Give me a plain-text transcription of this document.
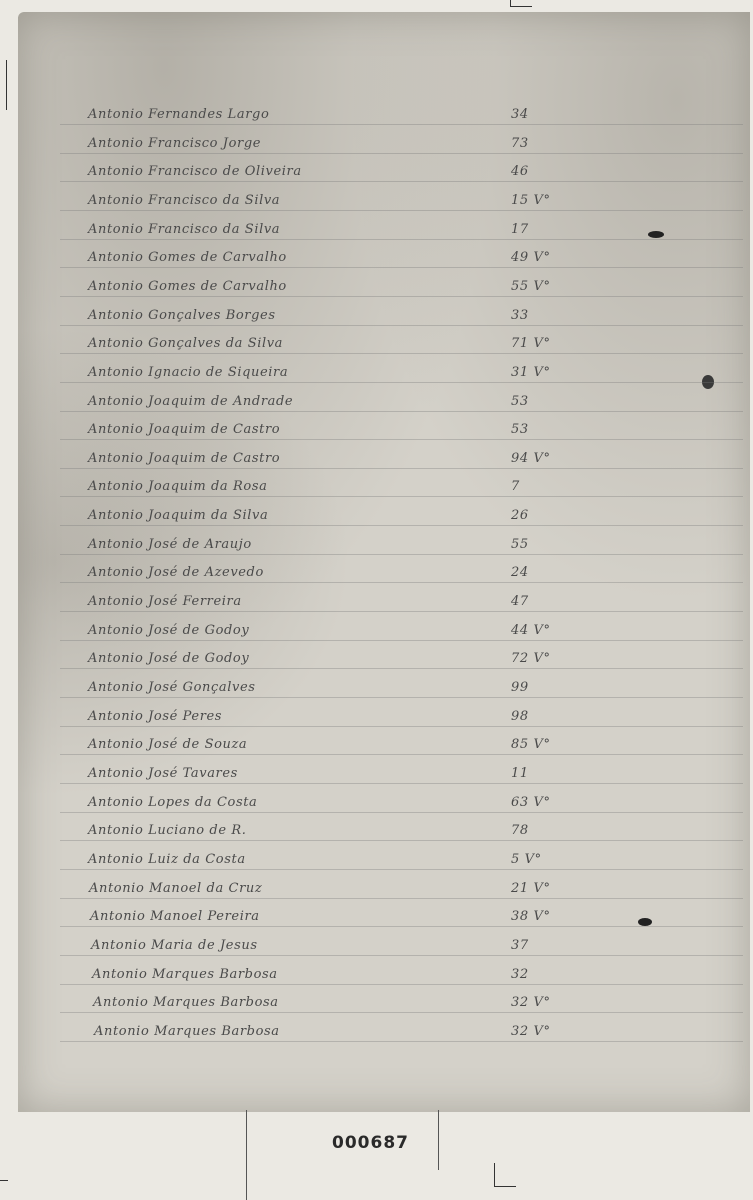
Antonio Fernandes Largo	34
Antonio Francisco Jorge	73
Antonio Francisco de Oliveira	46
Antonio Francisco da Silva	15 V°
Antonio Francisco da Silva	17
Antonio Gomes de Carvalho	49 V°
Antonio Gomes de Carvalho	55 V°
Antonio Gonçalves Borges	33
Antonio Gonçalves da Silva	71 V°
Antonio Ignacio de Siqueira	31 V°
Antonio Joaquim de Andrade	53
Antonio Joaquim de Castro	53
Antonio Joaquim de Castro	94 V°
Antonio Joaquim da Rosa	7
Antonio Joaquim da Silva	26
Antonio José de Araujo	55
Antonio José de Azevedo	24
Antonio José Ferreira	47
Antonio José de Godoy	44 V°
Antonio José de Godoy	72 V°
Antonio José Gonçalves	99
Antonio José Peres	98
Antonio José de Souza	85 V°
Antonio José Tavares	11
Antonio Lopes da Costa	63 V°
Antonio Luciano de R.	78
Antonio Luiz da Costa	5 V°
Antonio Manoel da Cruz	21 V°
Antonio Manoel Pereira	38 V°
Antonio Maria de Jesus	37
Antonio Marques Barbosa	32
Antonio Marques Barbosa	32 V°
Antonio Marques Barbosa	32 V°
000687
